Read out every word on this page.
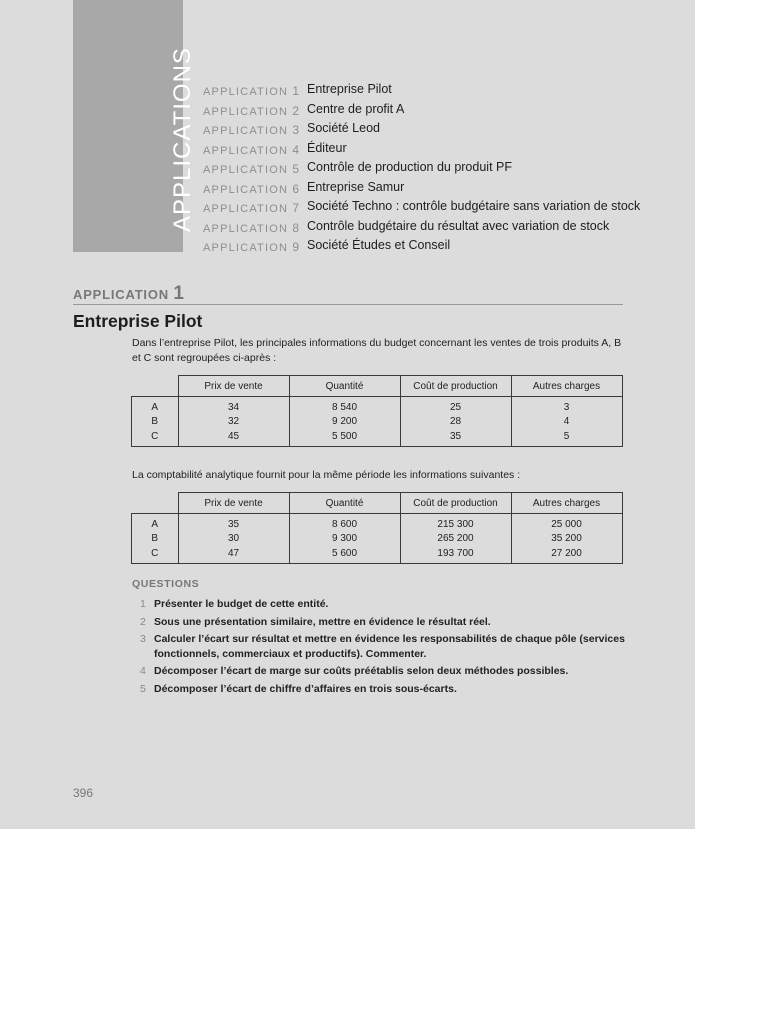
APPLICATIONS APPLICATION 1 Entreprise Pilot
APPLICATION 2 Centre de profit A
APPLICATION 3 Société Leod
APPLICATION 4 Éditeur
APPLICATION 5 Contrôle de production du produit PF
APPLICATION 6 Entreprise Samur
APPLICATION 7 Société Techno : contrôle budgétaire sans variation de stock
APPLICATION 8 Contrôle budgétaire du résultat avec variation de stock
APPLICATION 9 Société Études et Conseil
APPLICATION 1
Entreprise Pilot
Dans l’entreprise Pilot, les principales informations du budget concernant les ventes de trois produits A, B
et C sont regroupées ci-après :
	Prix de vente	Quantité	Coût de production	Autres charges
A	34	8 540	25	3
B	32	9 200	28	4
C	45	5 500	35	5
La comptabilité analytique fournit pour la même période les informations suivantes :
	Prix de vente	Quantité	Coût de production	Autres charges
A	35	8 600	215 300	25 000
B	30	9 300	265 200	35 200
C	47	5 600	193 700	27 200
QUESTIONS
1 Présenter le budget de cette entité.
2 Sous une présentation similaire, mettre en évidence le résultat réel.
3 Calculer l’écart sur résultat et mettre en évidence les responsabilités de chaque pôle (services fonctionnels, commerciaux et productifs). Commenter.
4 Décomposer l’écart de marge sur coûts préétablis selon deux méthodes possibles.
5 Décomposer l’écart de chiffre d’affaires en trois sous-écarts.
396
